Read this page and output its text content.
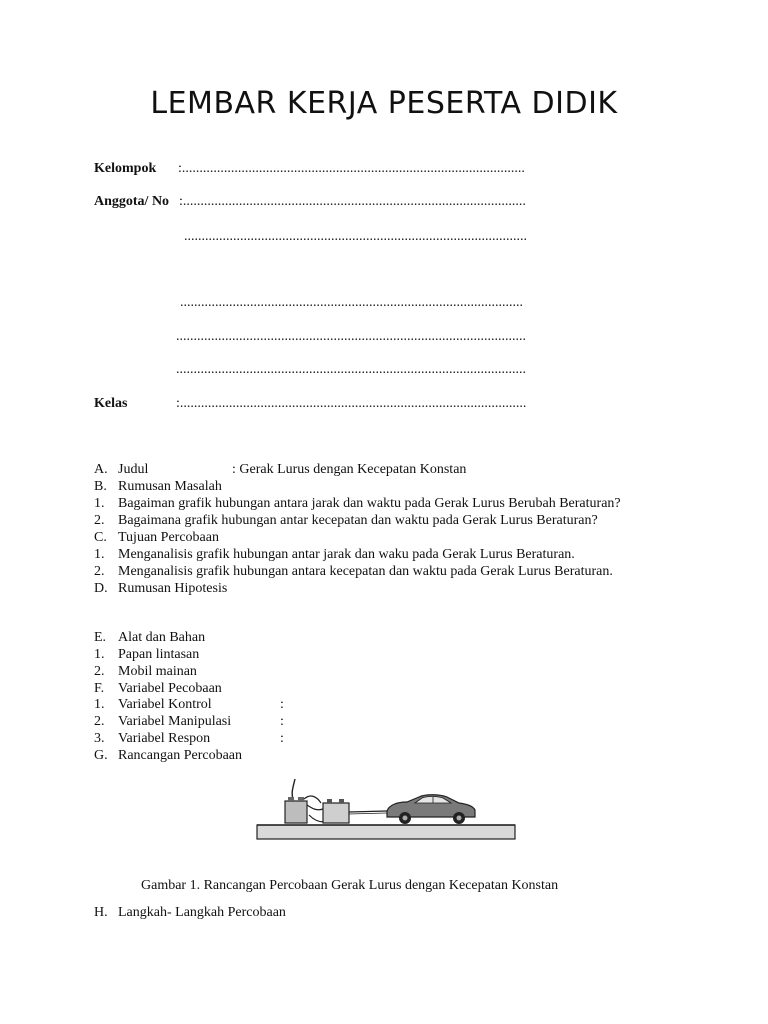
LEMBAR KERJA PESERTA DIDIK
Kelompok :..................................................................................................
Anggota/ No :..................................................................................................
..................................................................................................
..................................................................................................
....................................................................................................
....................................................................................................
Kelas	:...................................................................................................
A. Judul	: Gerak Lurus dengan Kecepatan Konstan
B. Rumusan Masalah
1. Bagaiman grafik hubungan antara jarak dan waktu pada Gerak Lurus Berubah Beraturan?
2. Bagaimana grafik hubungan antar kecepatan dan waktu pada Gerak Lurus Beraturan?
C. Tujuan Percobaan
1. Menganalisis grafik hubungan antar jarak dan waku pada Gerak Lurus Beraturan.
2. Menganalisis grafik hubungan antara kecepatan dan waktu pada Gerak Lurus Beraturan.
D. Rumusan Hipotesis
E. Alat dan Bahan
1. Papan lintasan
2. Mobil mainan
F. Variabel Pecobaan
1. Variabel Kontrol	:
2. Variabel Manipulasi	:
3. Variabel Respon	:
G. Rancangan Percobaan
Gambar 1. Rancangan Percobaan Gerak Lurus dengan Kecepatan Konstan
H. Langkah- Langkah Percobaan
